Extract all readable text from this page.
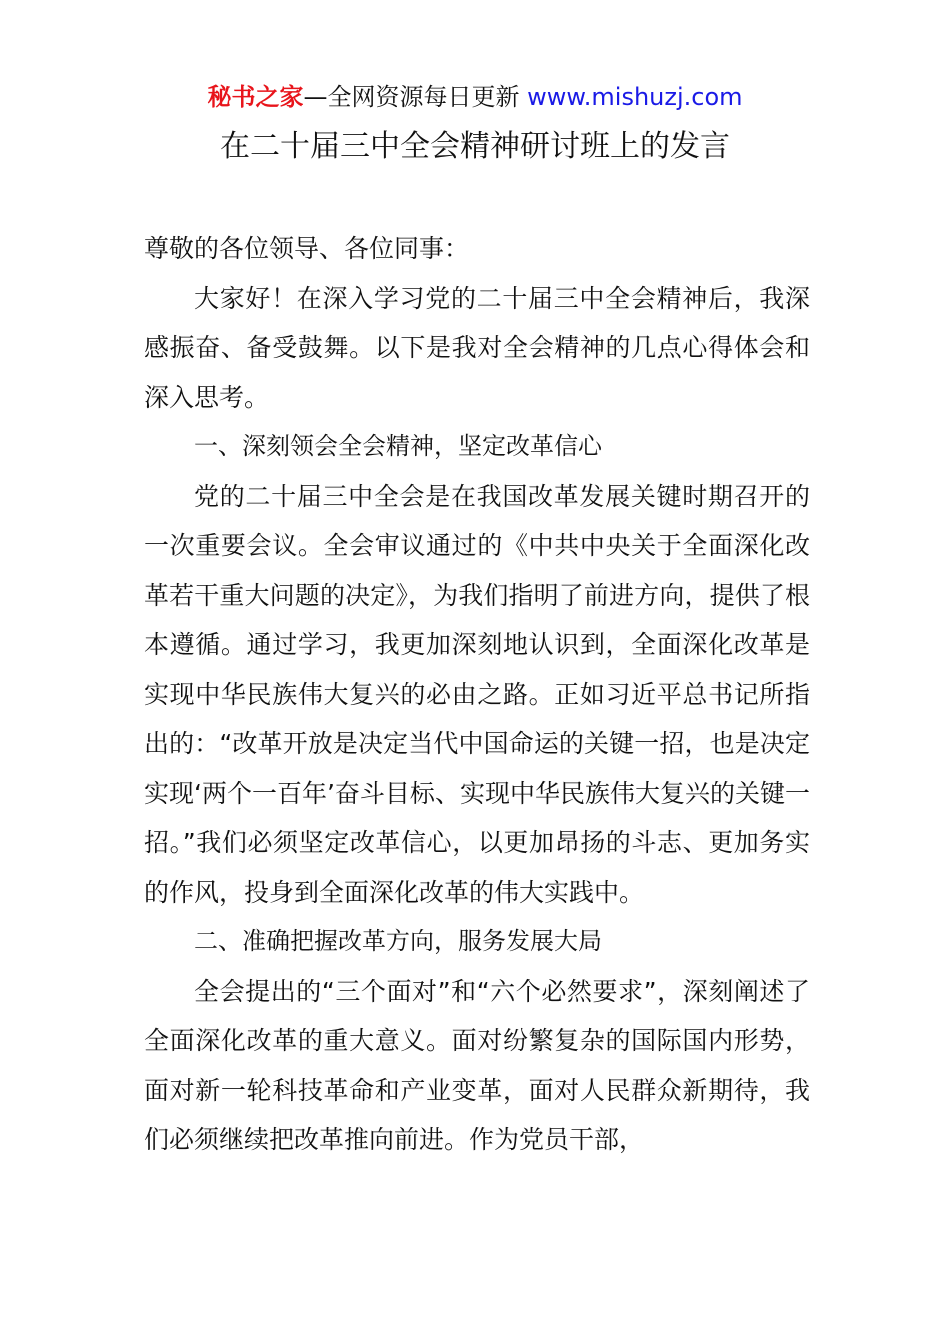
秘书之家—全网资源每日更新 www.mishuzj.com
在二十届三中全会精神研讨班上的发言

尊敬的各位领导、各位同事：

大家好！在深入学习党的二十届三中全会精神后，我深感振奋、备受鼓舞。以下是我对全会精神的几点心得体会和深入思考。

一、深刻领会全会精神，坚定改革信心

党的二十届三中全会是在我国改革发展关键时期召开的一次重要会议。全会审议通过的《中共中央关于全面深化改革若干重大问题的决定》，为我们指明了前进方向，提供了根本遵循。通过学习，我更加深刻地认识到，全面深化改革是实现中华民族伟大复兴的必由之路。正如习近平总书记所指出的：“改革开放是决定当代中国命运的关键一招，也是决定实现‘两个一百年’奋斗目标、实现中华民族伟大复兴的关键一招。”我们必须坚定改革信心，以更加昂扬的斗志、更加务实的作风，投身到全面深化改革的伟大实践中。

二、准确把握改革方向，服务发展大局

全会提出的“三个面对”和“六个必然要求”，深刻阐述了全面深化改革的重大意义。面对纷繁复杂的国际国内形势，面对新一轮科技革命和产业变革，面对人民群众新期待，我们必须继续把改革推向前进。作为党员干部，
